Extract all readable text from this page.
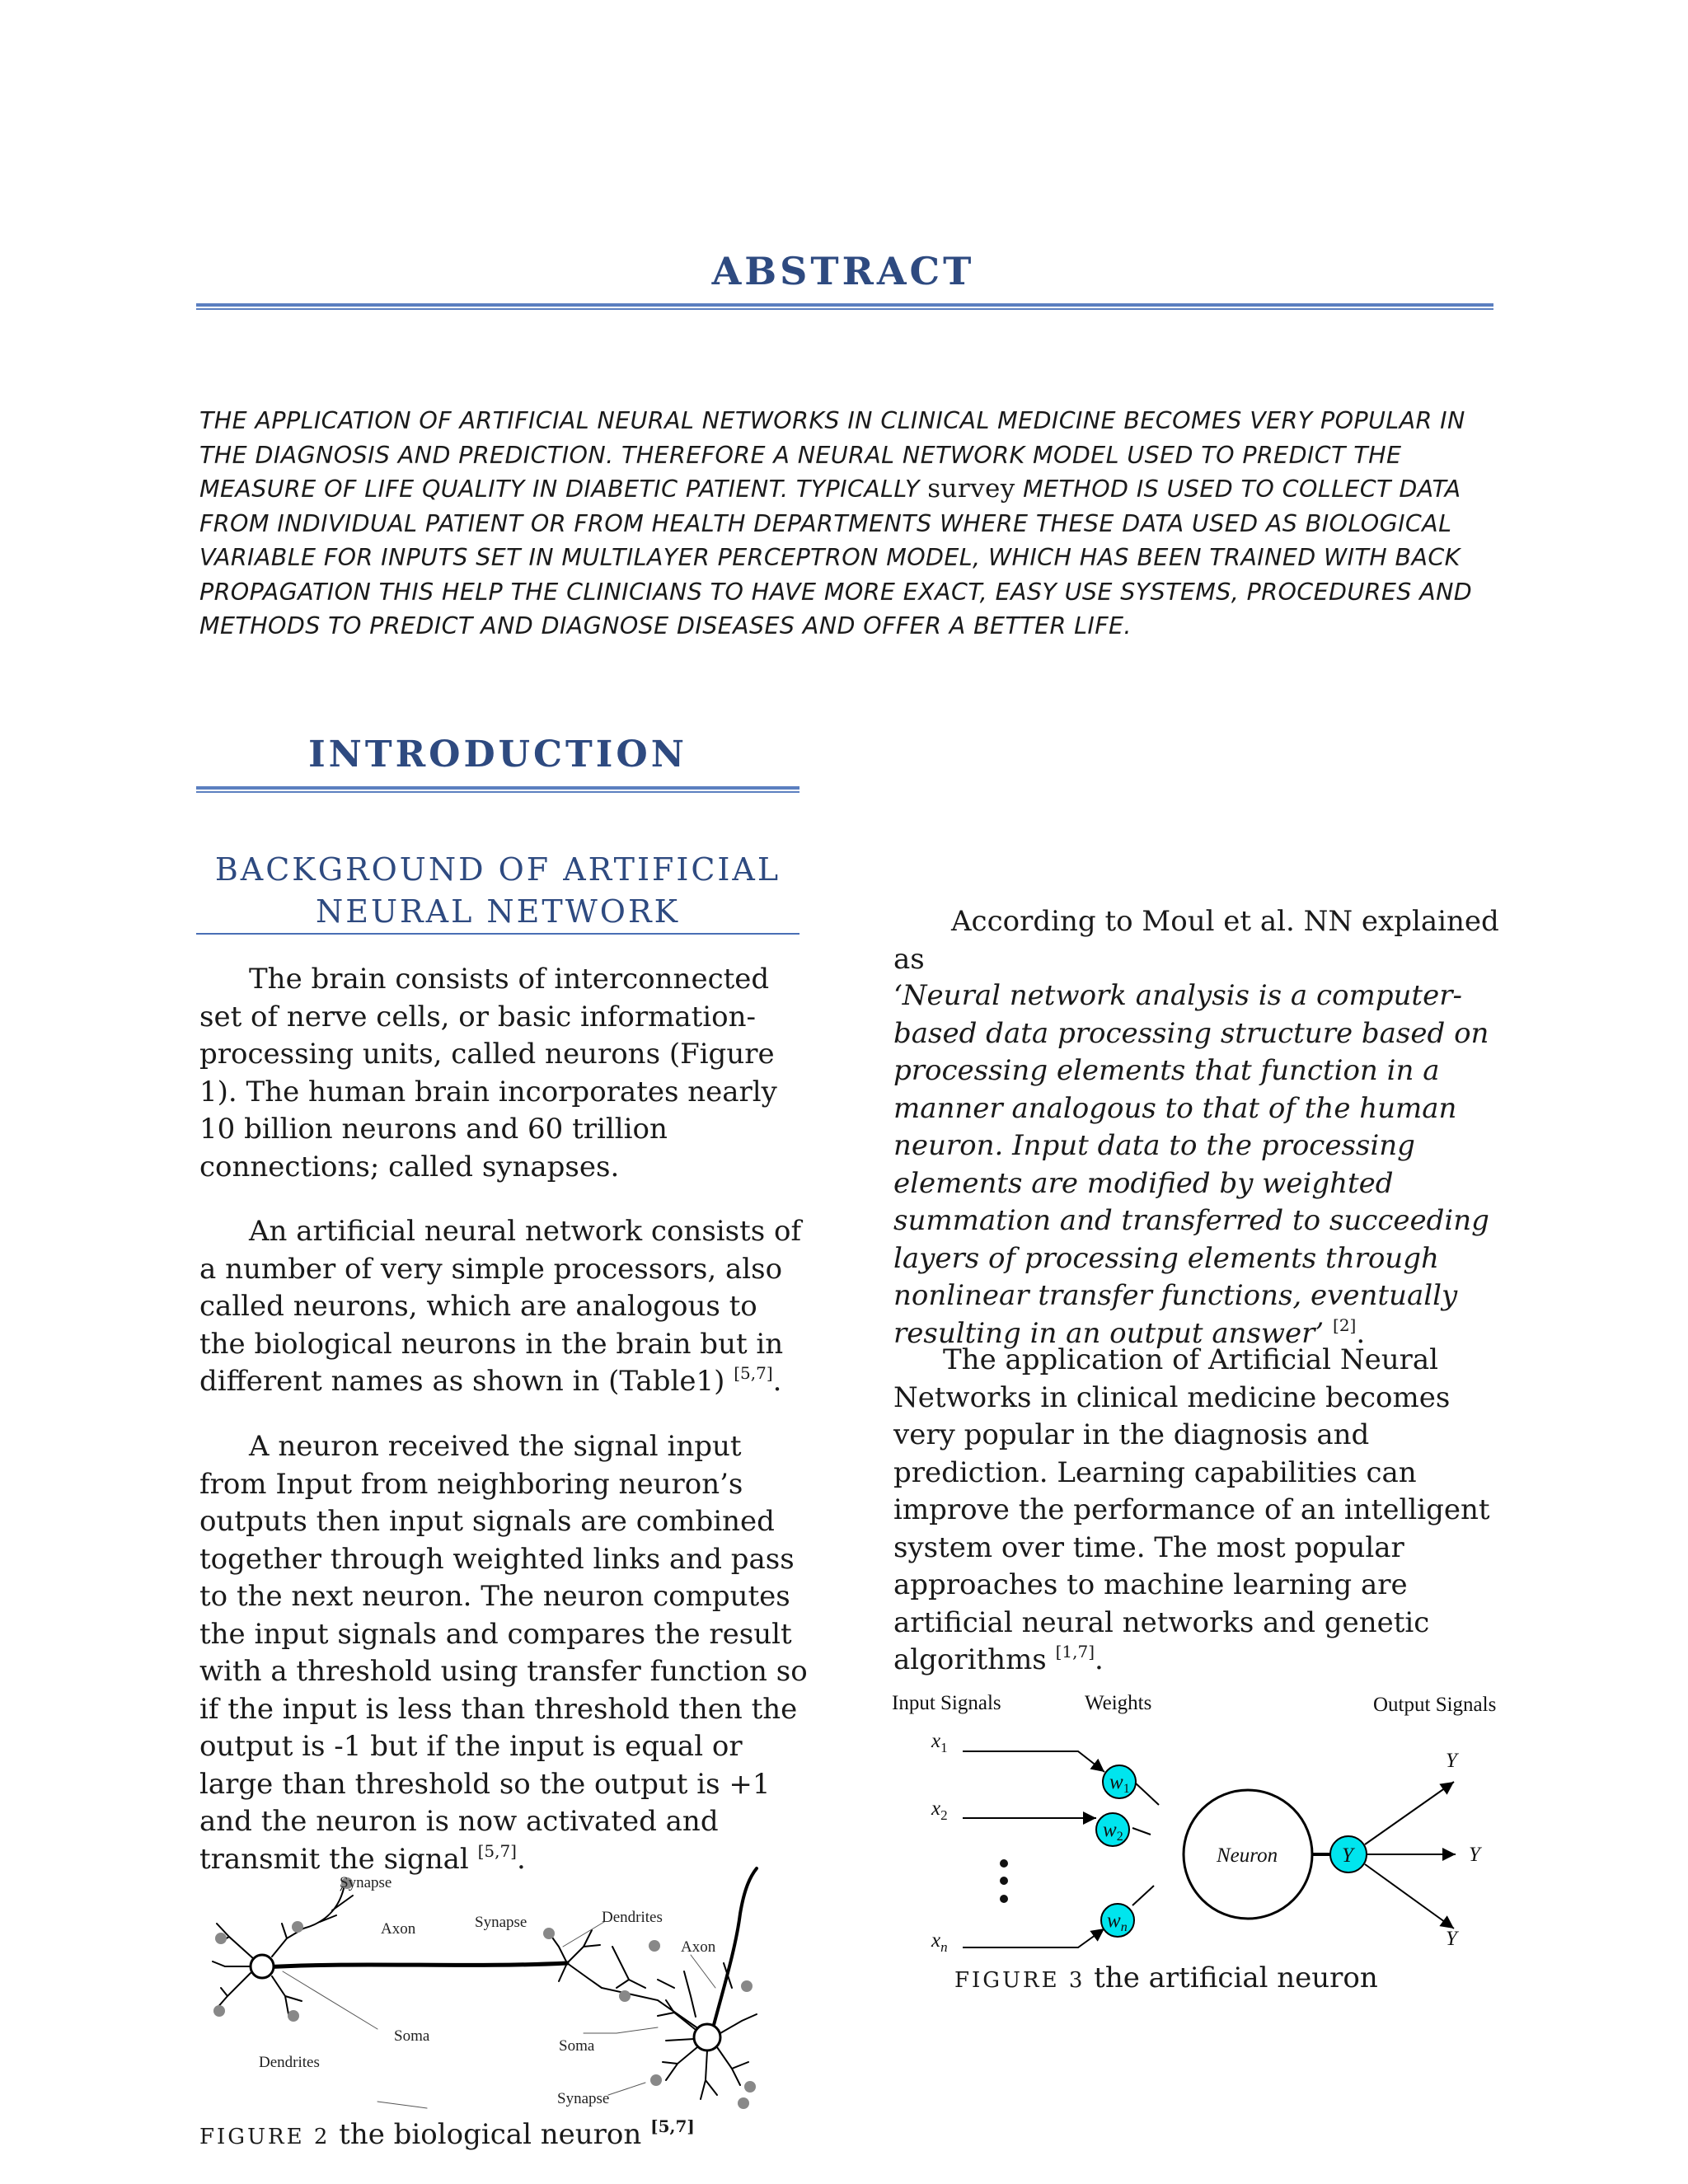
ABSTRACT

THE APPLICATION OF ARTIFICIAL NEURAL NETWORKS IN CLINICAL MEDICINE BECOMES VERY POPULAR IN THE DIAGNOSIS AND PREDICTION. THEREFORE A NEURAL NETWORK MODEL USED TO PREDICT THE MEASURE OF LIFE QUALITY IN DIABETIC PATIENT. TYPICALLY survey METHOD IS USED TO COLLECT DATA FROM INDIVIDUAL PATIENT OR FROM HEALTH DEPARTMENTS WHERE THESE DATA USED AS BIOLOGICAL VARIABLE FOR INPUTS SET IN MULTILAYER PERCEPTRON MODEL, WHICH HAS BEEN TRAINED WITH BACK PROPAGATION THIS HELP THE CLINICIANS TO HAVE MORE EXACT, EASY USE SYSTEMS, PROCEDURES AND METHODS TO PREDICT AND DIAGNOSE DISEASES AND OFFER A BETTER LIFE.

INTRODUCTION
BACKGROUND OF ARTIFICIAL
NEURAL NETWORK

The brain consists of interconnected set of nerve cells, or basic information-processing units, called neurons (Figure 1). The human brain incorporates nearly 10 billion neurons and 60 trillion connections; called synapses.

An artificial neural network consists of a number of very simple processors, also called neurons, which are analogous to the biological neurons in the brain but in different names as shown in (Table1) [5,7].

A neuron received the signal input from Input from neighboring neuron’s outputs then input signals are combined together through weighted links and pass to the next neuron. The neuron computes the input signals and compares the result with a threshold using transfer function so if the input is less than threshold then the output is -1 but if the input is equal or large than threshold so the output is +1 and the neuron is now activated and transmit the signal [5,7].

According to Moul et al. NN explained as

‘Neural network analysis is a computer-based data processing structure based on processing elements that function in a manner analogous to that of the human neuron. Input data to the processing elements are modified by weighted summation and transferred to succeeding layers of processing elements through nonlinear transfer functions, eventually resulting in an output answer’ [2].

The application of Artificial Neural Networks in clinical medicine becomes very popular in the diagnosis and prediction. Learning capabilities can improve the performance of an intelligent system over time. The most popular approaches to machine learning are artificial neural networks and genetic algorithms [1,7].

Synapse
Axon	Synapse	Dendrites
Axon
Soma
Soma
Dendrites
Synapse
FIGURE 2 the biological neuron [5,7]
Input Signals	Weights	Output Signals
$x_1$
$x_2$
$x_n$
$w_1$
$w_2$
$w_n$
Neuron	Y
Y
Y
Y
FIGURE 3 the artificial neuron
